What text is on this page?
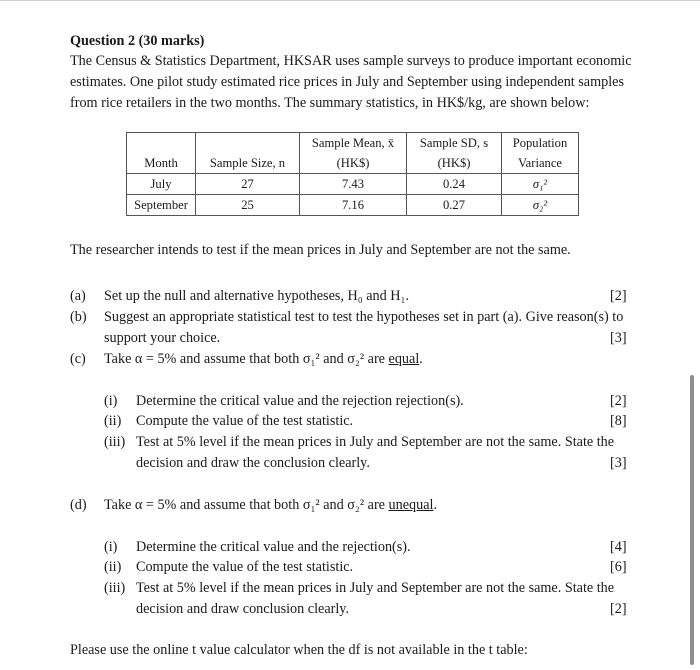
Question 2 (30 marks)
The Census & Statistics Department, HKSAR uses sample surveys to produce important economic
estimates. One pilot study estimated rice prices in July and September using independent samples
from rice retailers in the two months. The summary statistics, in HK$/kg, are shown below:
		Sample Mean, x̄	Sample SD, s	Population
Month	Sample Size, n	(HK$)	(HK$)	Variance
July	27	7.43	0.24	σ₁²
September	25	7.16	0.27	σ₂²
The researcher intends to test if the mean prices in July and September are not the same.
(a) Set up the null and alternative hypotheses, H₀ and H₁.	[2]
(b) Suggest an appropriate statistical test to test the hypotheses set in part (a). Give reason(s) to
support your choice.	[3]
(c) Take α = 5% and assume that both σ₁² and σ₂² are equal.
(i) Determine the critical value and the rejection rejection(s).	[2]
(ii) Compute the value of the test statistic.	[8]
(iii) Test at 5% level if the mean prices in July and September are not the same. State the
decision and draw the conclusion clearly.	[3]
(d) Take α = 5% and assume that both σ₁² and σ₂² are unequal.
(i) Determine the critical value and the rejection(s).	[4]
(ii) Compute the value of the test statistic.	[6]
(iii) Test at 5% level if the mean prices in July and September are not the same. State the
decision and draw conclusion clearly.	[2]
Please use the online t value calculator when the df is not available in the t table:
